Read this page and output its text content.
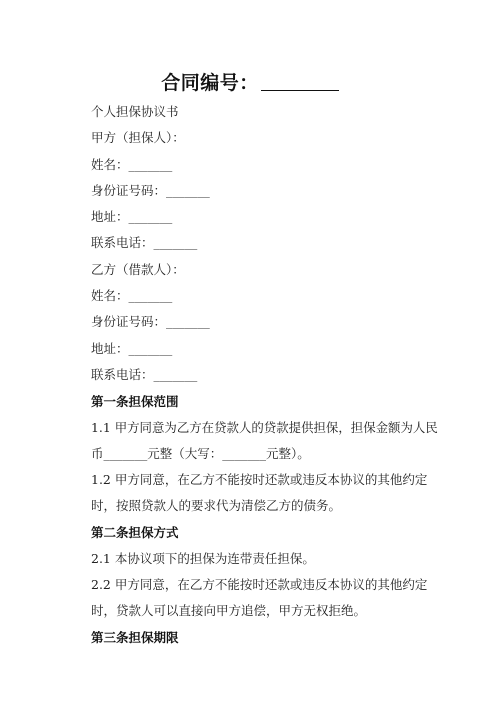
合同编号：
个人担保协议书
甲方（担保人）：
姓名：_______
身份证号码：_______
地址：_______
联系电话：_______
乙方（借款人）：
姓名：_______
身份证号码：_______
地址：_______
联系电话：_______
第一条担保范围
1.1 甲方同意为乙方在贷款人的贷款提供担保，担保金额为人民
币_______元整（大写：_______元整）。
1.2 甲方同意，在乙方不能按时还款或违反本协议的其他约定
时，按照贷款人的要求代为清偿乙方的债务。
第二条担保方式
2.1 本协议项下的担保为连带责任担保。
2.2 甲方同意，在乙方不能按时还款或违反本协议的其他约定
时，贷款人可以直接向甲方追偿，甲方无权拒绝。
第三条担保期限
